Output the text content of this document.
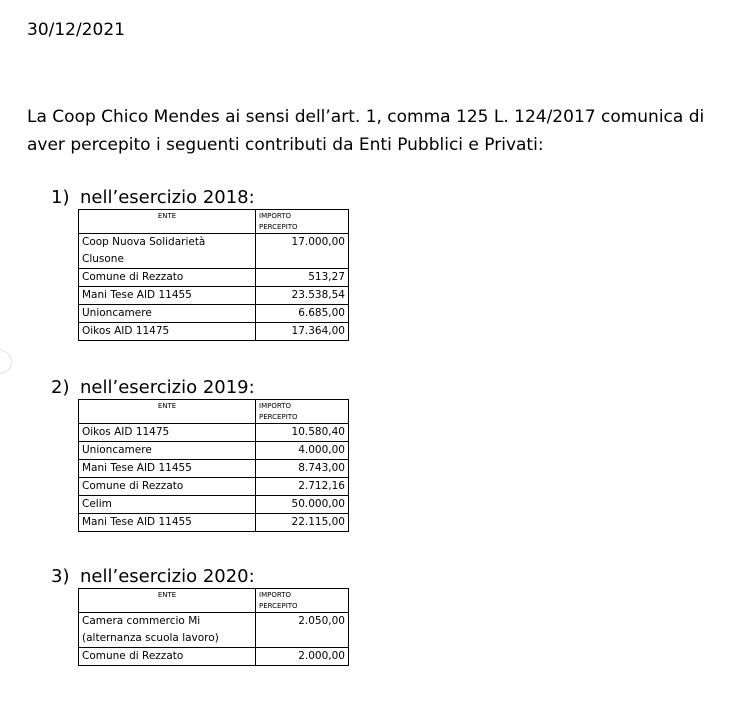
30/12/2021
La Coop Chico Mendes ai sensi dell’art. 1, comma 125 L. 124/2017 comunica di aver percepito i seguenti contributi da Enti Pubblici e Privati:
1) nell’esercizio 2018:
ENTE	IMPORTO
PERCEPITO
Coop Nuova Solidarietà
Clusone	17.000,00
Comune di Rezzato	513,27
Mani Tese AID 11455	23.538,54
Unioncamere	6.685,00
Oikos AID 11475	17.364,00
2) nell’esercizio 2019:
ENTE	IMPORTO
PERCEPITO
Oikos AID 11475	10.580,40
Unioncamere	4.000,00
Mani Tese AID 11455	8.743,00
Comune di Rezzato	2.712,16
Celim	50.000,00
Mani Tese AID 11455	22.115,00
3) nell’esercizio 2020:
ENTE	IMPORTO
PERCEPITO
Camera commercio Mi
(alternanza scuola lavoro)	2.050,00
Comune di Rezzato	2.000,00
